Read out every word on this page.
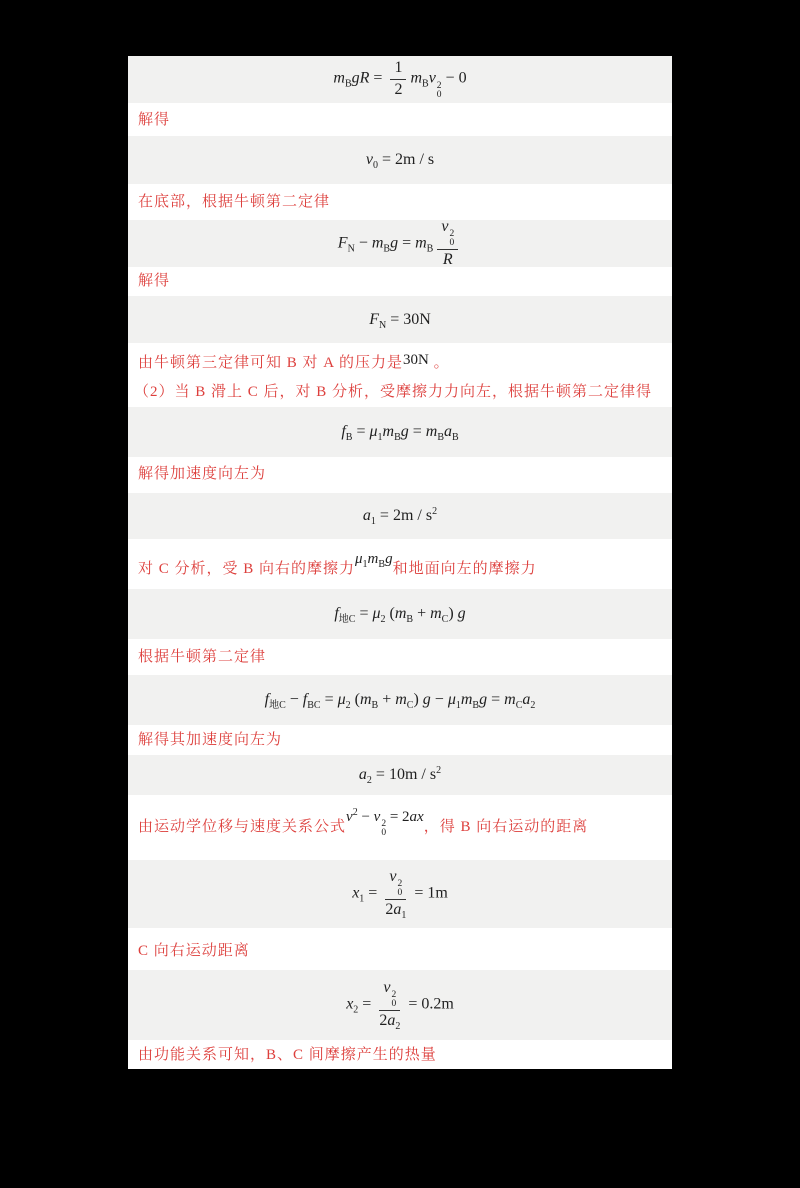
$m_BgR = \frac{1}{2} m_Bv$ 2
0
− 0
解得
$v_0 = 2m / s$
在底部，根据牛顿第二定律
$F_N - m_Bg = m_B$ v 2
0
R
解得
$F_N = 30N$
由牛顿第三定律可知 B 对 A 的压力是30N 。
（2）当 B 滑上 C 后，对 B 分析，受摩擦力力向左，根据牛顿第二定律得
$f_B = \mu_1m_Bg = m_Ba_B$
解得加速度向左为
$a_1 = 2m / s^2$
对 C 分析，受 B 向右的摩擦力$\mu_1m_Bg$和地面向左的摩擦力
$f_{地C} = \mu_2$ $(m_B + m_C)$ g
根据牛顿第二定律
$f_{地C} - f_{BC} = \mu_2$ $(m_B + m_C) g - \mu_1m_Bg = m_Ca_2$
解得其加速度向左为
$a_2 = 10m / s^2$
由运动学位移与速度关系公式$v^2 - v$ 2
0
= 2ax，得 B 向右运动的距离
$x_1 = v$ 2
0
$2a_1 = 1m$
C 向右运动距离
$x_2 = v$ 2
0
$2a_2 = 0.2m$
由功能关系可知，B、C 间摩擦产生的热量
